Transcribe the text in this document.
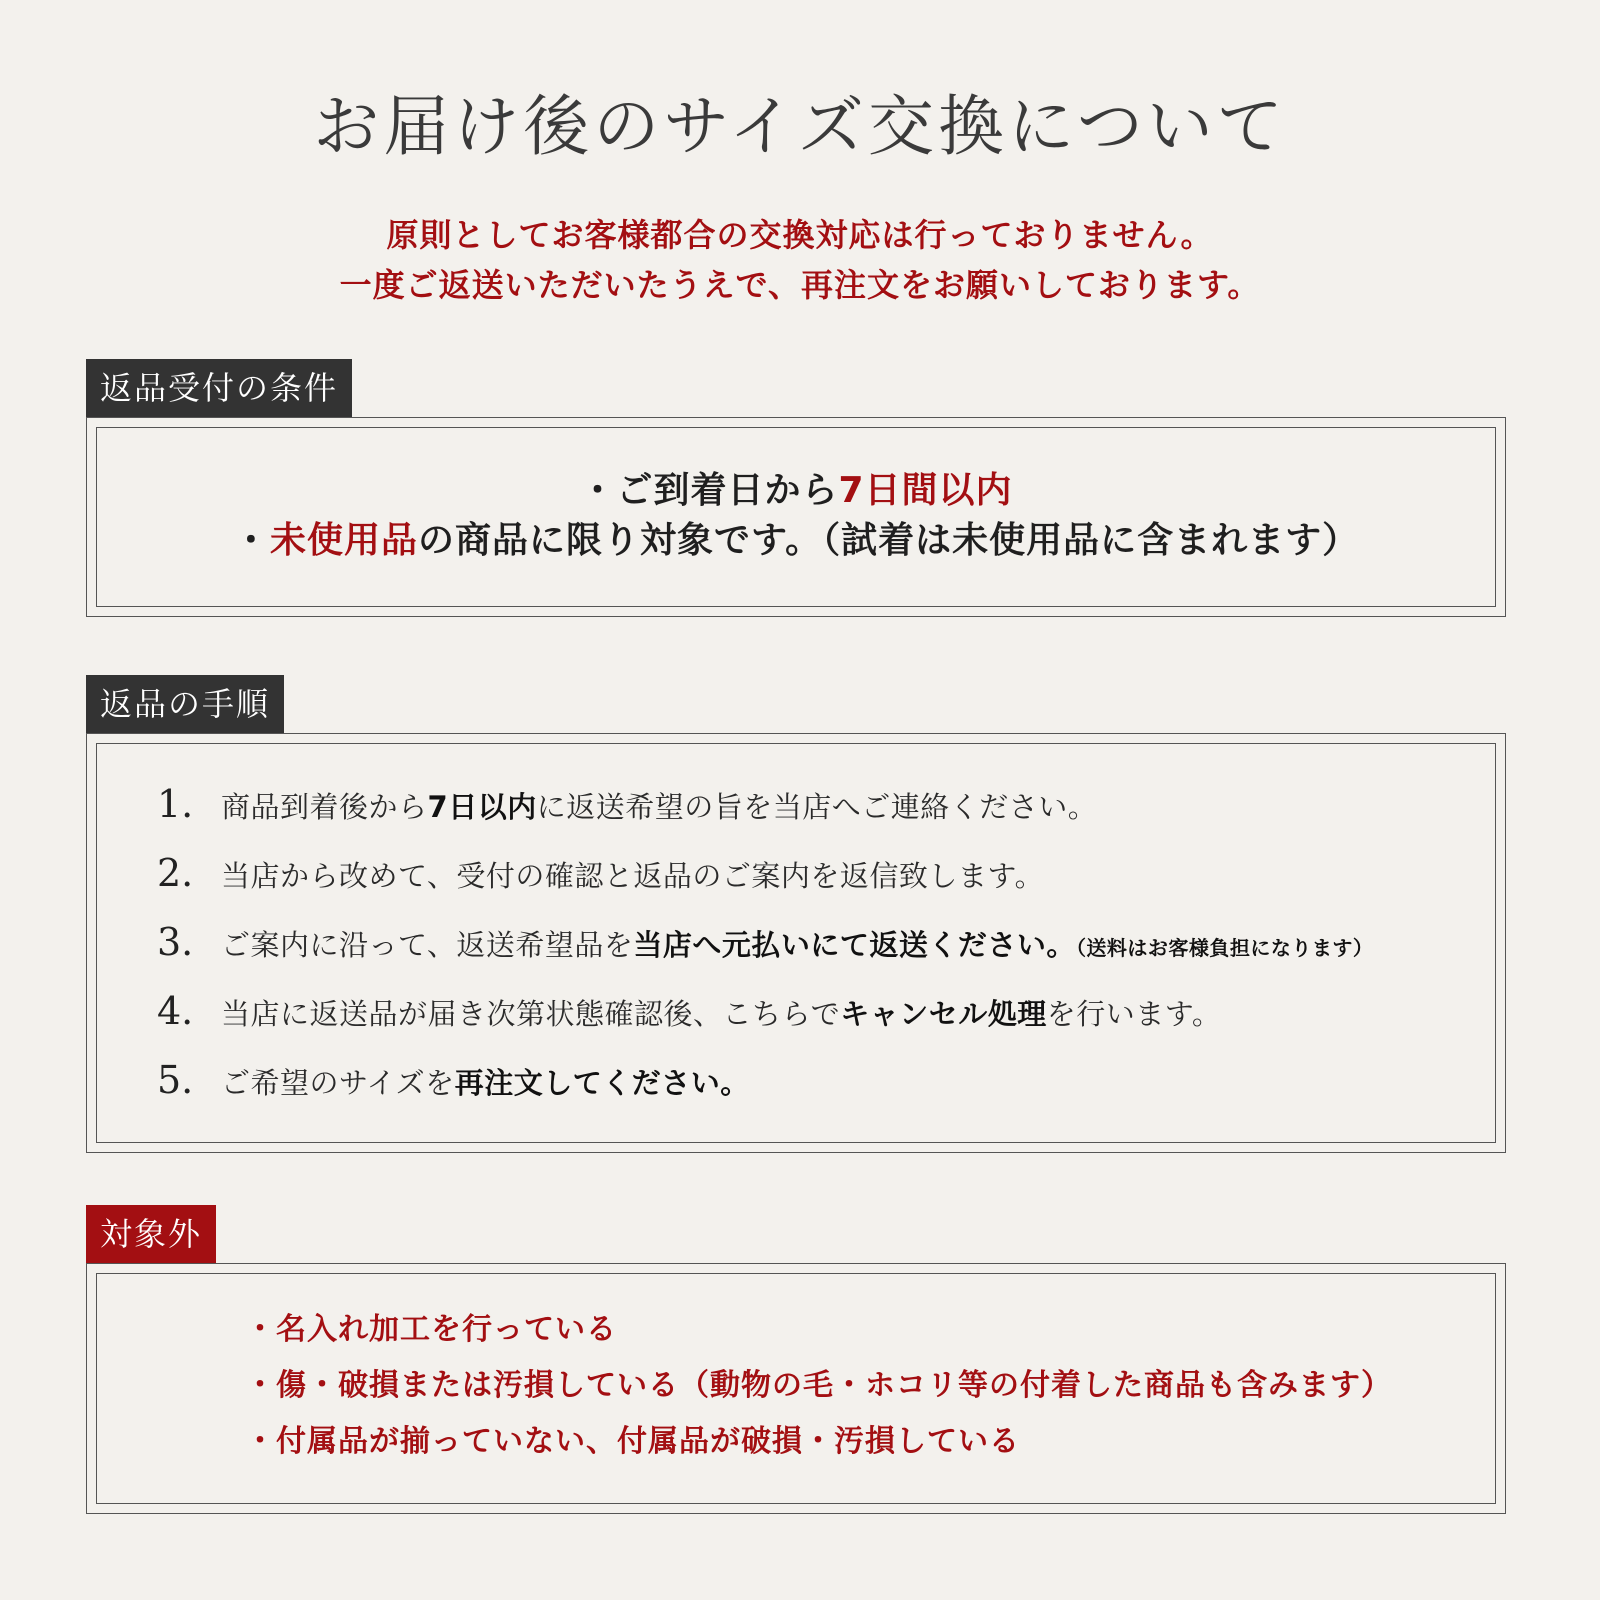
お届け後のサイズ交換について
原則としてお客様都合の交換対応は行っておりません。
一度ご返送いただいたうえで、再注文をお願いしております。
返品受付の条件
・ご到着日から7日間以内
・未使用品の商品に限り対象です。（試着は未使用品に含まれます）
返品の手順
1. 商品到着後から7日以内に返送希望の旨を当店へご連絡ください。
2. 当店から改めて、受付の確認と返品のご案内を返信致します。
3. ご案内に沿って、返送希望品を当店へ元払いにて返送ください。（送料はお客様負担になります）
4. 当店に返送品が届き次第状態確認後、こちらでキャンセル処理を行います。
5. ご希望のサイズを再注文してください。
対象外
・名入れ加工を行っている
・傷・破損または汚損している（動物の毛・ホコリ等の付着した商品も含みます）
・付属品が揃っていない、付属品が破損・汚損している
